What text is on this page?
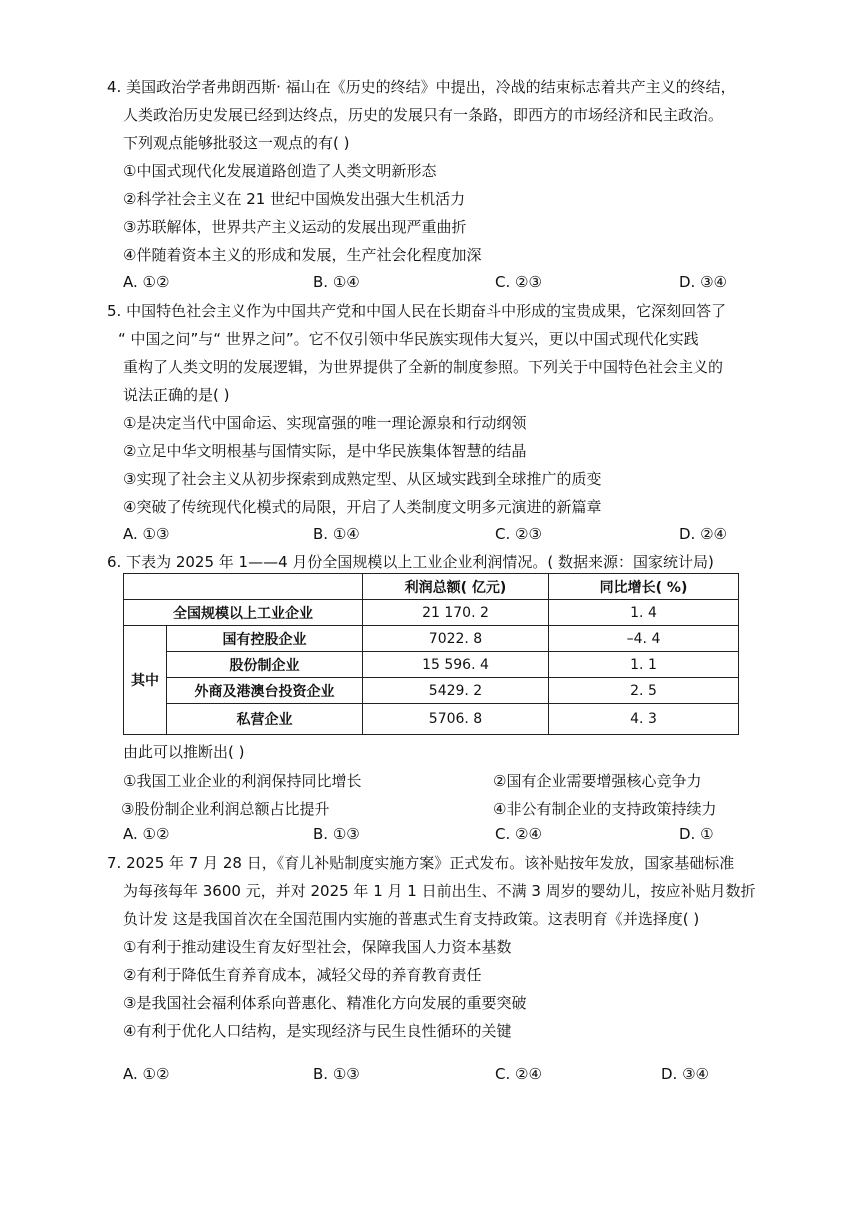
4. 美国政治学者弗朗西斯· 福山在《历史的终结》中提出，冷战的结束标志着共产主义的终结，
人类政治历史发展已经到达终点，历史的发展只有一条路，即西方的市场经济和民主政治。
下列观点能够批驳这一观点的有( )
①中国式现代化发展道路创造了人类文明新形态
②科学社会主义在 21 世纪中国焕发出强大生机活力
③苏联解体，世界共产主义运动的发展出现严重曲折
④伴随着资本主义的形成和发展，生产社会化程度加深
A. ①②	B. ①④	C. ②③	D. ③④
5. 中国特色社会主义作为中国共产党和中国人民在长期奋斗中形成的宝贵成果，它深刻回答了
“ 中国之问”与“ 世界之问”。它不仅引领中华民族实现伟大复兴，更以中国式现代化实践
重构了人类文明的发展逻辑，为世界提供了全新的制度参照。下列关于中国特色社会主义的
说法正确的是( )
①是决定当代中国命运、实现富强的唯一理论源泉和行动纲领
②立足中华文明根基与国情实际，是中华民族集体智慧的结晶
③实现了社会主义从初步探索到成熟定型、从区域实践到全球推广的质变
④突破了传统现代化模式的局限，开启了人类制度文明多元演进的新篇章
A. ①③	B. ①④	C. ②③	D. ②④
6. 下表为 2025 年 1——4 月份全国规模以上工业企业利润情况。( 数据来源：国家统计局)
		利润总额( 亿元)	同比增长( %)
全国规模以上工业企业		21 170. 2	1. 4
其中	国有控股企业	7022. 8	–4. 4
	股份制企业	15 596. 4	1. 1
	外商及港澳台投资企业	5429. 2	2. 5
	私营企业	5706. 8	4. 3
由此可以推断出( )
①我国工业企业的利润保持同比增长	②国有企业需要增强核心竞争力
③股份制企业利润总额占比提升	④非公有制企业的支持政策持续力
A. ①②	B. ①③	C. ②④	D. ①
7. 2025 年 7 月 28 日，《育儿补贴制度实施方案》正式发布。该补贴按年发放，国家基础标准
为每孩每年 3600 元，并对 2025 年 1 月 1 日前出生、不满 3 周岁的婴幼儿，按应补贴月数折
负计发 这是我国首次在全国范围内实施的普惠式生育支持政策。这表明育《并选择度( )
①有利于推动建设生育友好型社会，保障我国人力资本基数
②有利于降低生育养育成本，减轻父母的养育教育责任
③是我国社会福利体系向普惠化、精准化方向发展的重要突破
④有利于优化人口结构，是实现经济与民生良性循环的关键
A. ①②	B. ①③	C. ②④	D. ③④
